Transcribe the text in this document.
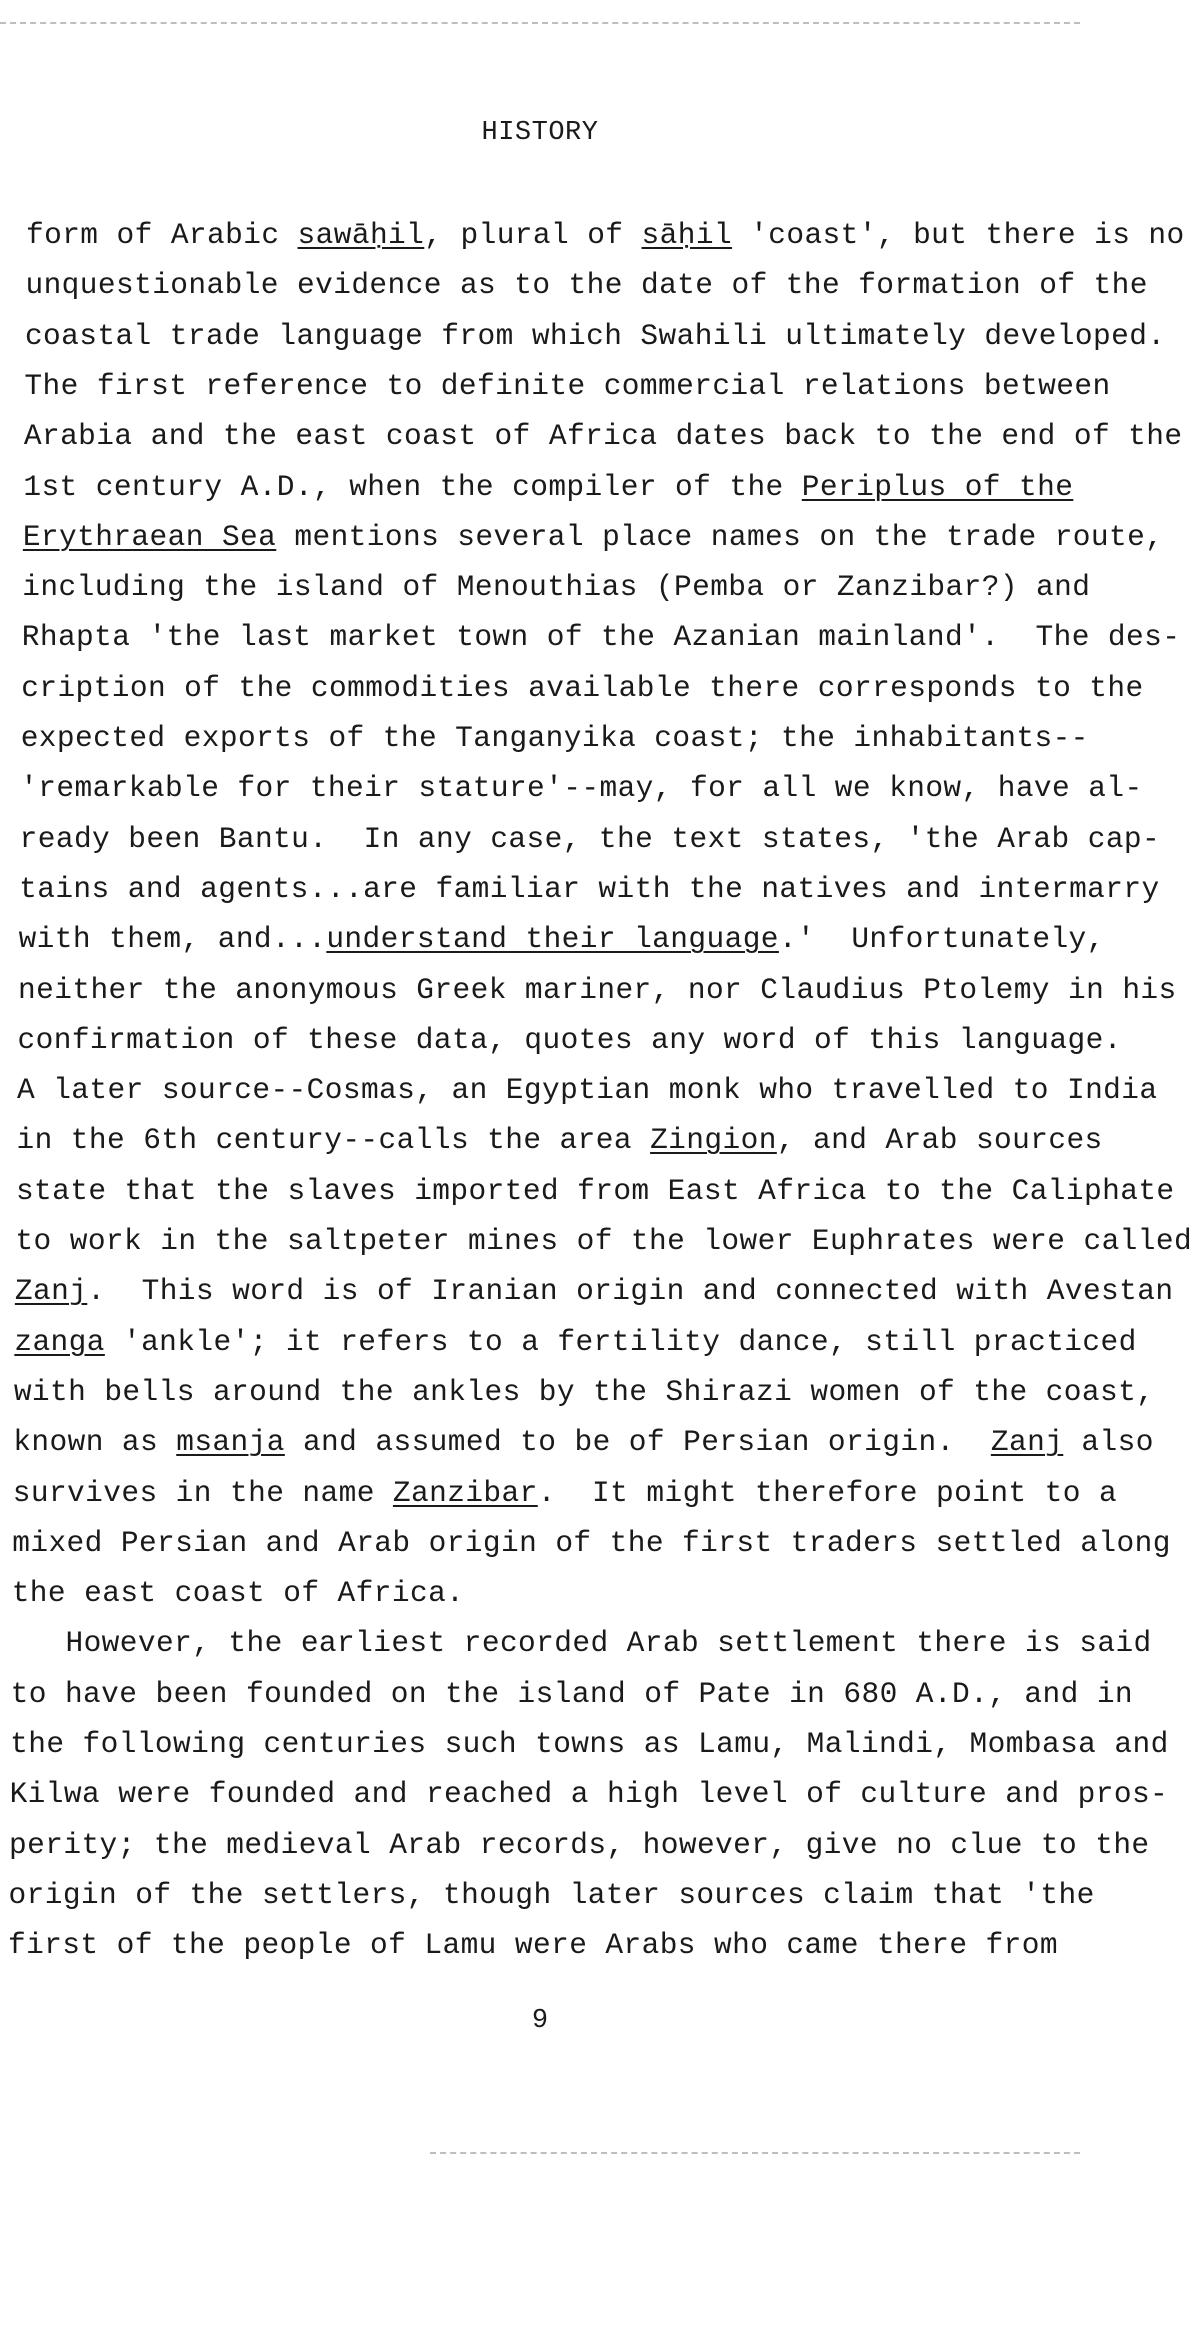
HISTORY
form of Arabic sawāḥil, plural of sāḥil 'coast', but there is no
unquestionable evidence as to the date of the formation of the
coastal trade language from which Swahili ultimately developed.
The first reference to definite commercial relations between
Arabia and the east coast of Africa dates back to the end of the
1st century A.D., when the compiler of the Periplus of the
Erythraean Sea mentions several place names on the trade route,
including the island of Menouthias (Pemba or Zanzibar?) and
Rhapta 'the last market town of the Azanian mainland'.  The des-
cription of the commodities available there corresponds to the
expected exports of the Tanganyika coast; the inhabitants--
'remarkable for their stature'--may, for all we know, have al-
ready been Bantu.  In any case, the text states, 'the Arab cap-
tains and agents...are familiar with the natives and intermarry
with them, and...understand their language.'  Unfortunately,
neither the anonymous Greek mariner, nor Claudius Ptolemy in his
confirmation of these data, quotes any word of this language.
A later source--Cosmas, an Egyptian monk who travelled to India
in the 6th century--calls the area Zingion, and Arab sources
state that the slaves imported from East Africa to the Caliphate
to work in the saltpeter mines of the lower Euphrates were called
Zanj.  This word is of Iranian origin and connected with Avestan
zanga 'ankle'; it refers to a fertility dance, still practiced
with bells around the ankles by the Shirazi women of the coast,
known as msanja and assumed to be of Persian origin.  Zanj also
survives in the name Zanzibar.  It might therefore point to a
mixed Persian and Arab origin of the first traders settled along
the east coast of Africa.
However, the earliest recorded Arab settlement there is said
to have been founded on the island of Pate in 680 A.D., and in
the following centuries such towns as Lamu, Malindi, Mombasa and
Kilwa were founded and reached a high level of culture and pros-
perity; the medieval Arab records, however, give no clue to the
origin of the settlers, though later sources claim that 'the
first of the people of Lamu were Arabs who came there from
9
